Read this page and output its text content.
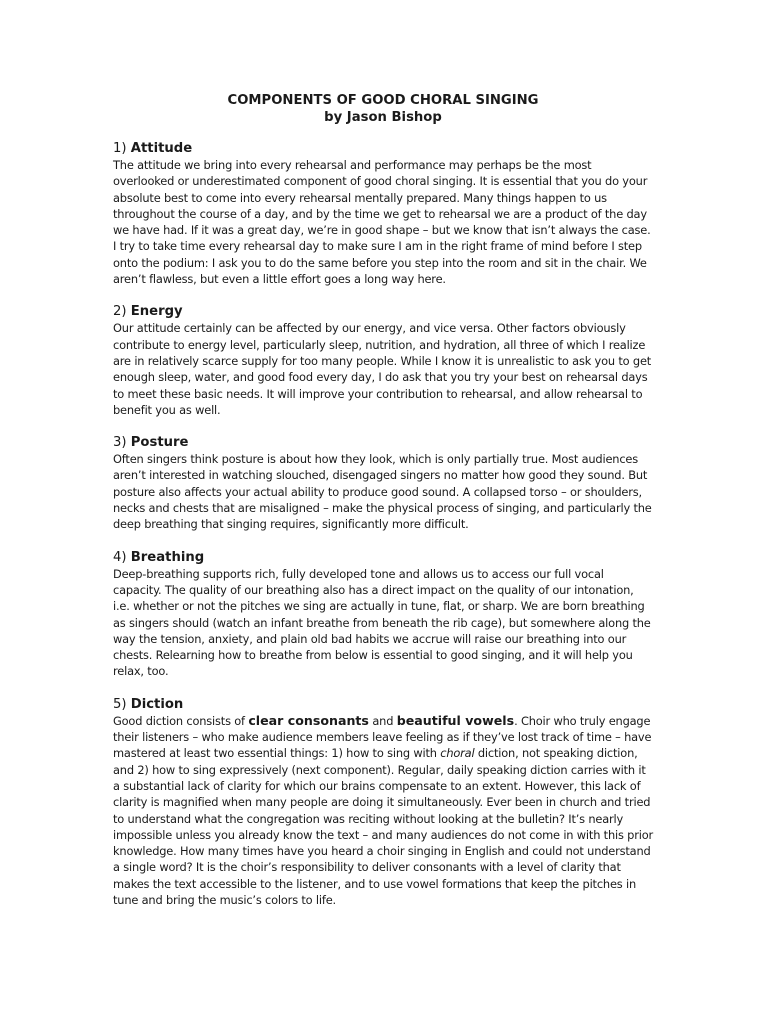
COMPONENTS OF GOOD CHORAL SINGING

by Jason Bishop

1) Attitude

The attitude we bring into every rehearsal and performance may perhaps be the most overlooked or underestimated component of good choral singing. It is essential that you do your absolute best to come into every rehearsal mentally prepared. Many things happen to us throughout the course of a day, and by the time we get to rehearsal we are a product of the day we have had. If it was a great day, we’re in good shape – but we know that isn’t always the case. I try to take time every rehearsal day to make sure I am in the right frame of mind before I step onto the podium: I ask you to do the same before you step into the room and sit in the chair. We aren’t flawless, but even a little effort goes a long way here.

2) Energy

Our attitude certainly can be affected by our energy, and vice versa. Other factors obviously contribute to energy level, particularly sleep, nutrition, and hydration, all three of which I realize are in relatively scarce supply for too many people. While I know it is unrealistic to ask you to get enough sleep, water, and good food every day, I do ask that you try your best on rehearsal days to meet these basic needs. It will improve your contribution to rehearsal, and allow rehearsal to benefit you as well.

3) Posture

Often singers think posture is about how they look, which is only partially true. Most audiences aren’t interested in watching slouched, disengaged singers no matter how good they sound. But posture also affects your actual ability to produce good sound. A collapsed torso – or shoulders, necks and chests that are misaligned – make the physical process of singing, and particularly the deep breathing that singing requires, significantly more difficult.

4) Breathing

Deep-breathing supports rich, fully developed tone and allows us to access our full vocal capacity. The quality of our breathing also has a direct impact on the quality of our intonation, i.e. whether or not the pitches we sing are actually in tune, flat, or sharp. We are born breathing as singers should (watch an infant breathe from beneath the rib cage), but somewhere along the way the tension, anxiety, and plain old bad habits we accrue will raise our breathing into our chests. Relearning how to breathe from below is essential to good singing, and it will help you relax, too.

5) Diction

Good diction consists of clear consonants and beautiful vowels. Choir who truly engage their listeners – who make audience members leave feeling as if they’ve lost track of time – have mastered at least two essential things: 1) how to sing with choral diction, not speaking diction, and 2) how to sing expressively (next component). Regular, daily speaking diction carries with it a substantial lack of clarity for which our brains compensate to an extent. However, this lack of clarity is magnified when many people are doing it simultaneously. Ever been in church and tried to understand what the congregation was reciting without looking at the bulletin? It’s nearly impossible unless you already know the text – and many audiences do not come in with this prior knowledge. How many times have you heard a choir singing in English and could not understand a single word? It is the choir’s responsibility to deliver consonants with a level of clarity that makes the text accessible to the listener, and to use vowel formations that keep the pitches in tune and bring the music’s colors to life.
